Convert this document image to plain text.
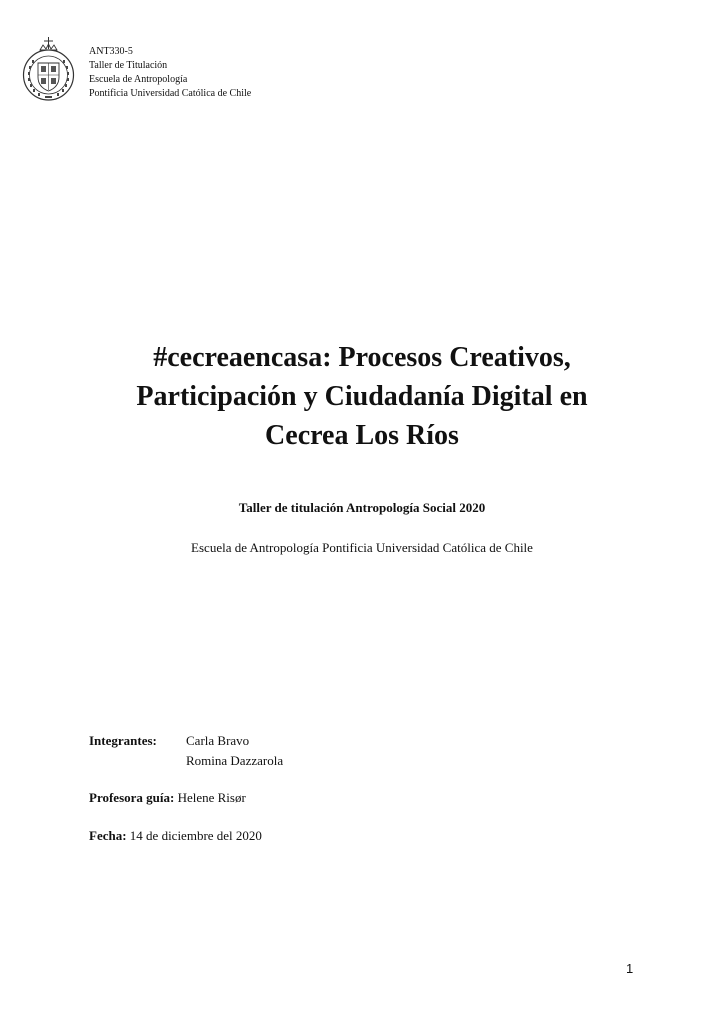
ANT330-5
Taller de Titulación
Escuela de Antropología
Pontificia Universidad Católica de Chile
#cecreaencasa: Procesos Creativos,
Participación y Ciudadanía Digital en
Cecrea Los Ríos
Taller de titulación Antropología Social 2020
Escuela de Antropología Pontificia Universidad Católica de Chile
Integrantes: Carla Bravo
Romina Dazzarola
Profesora guía: Helene Risør
Fecha: 14 de diciembre del 2020
1
